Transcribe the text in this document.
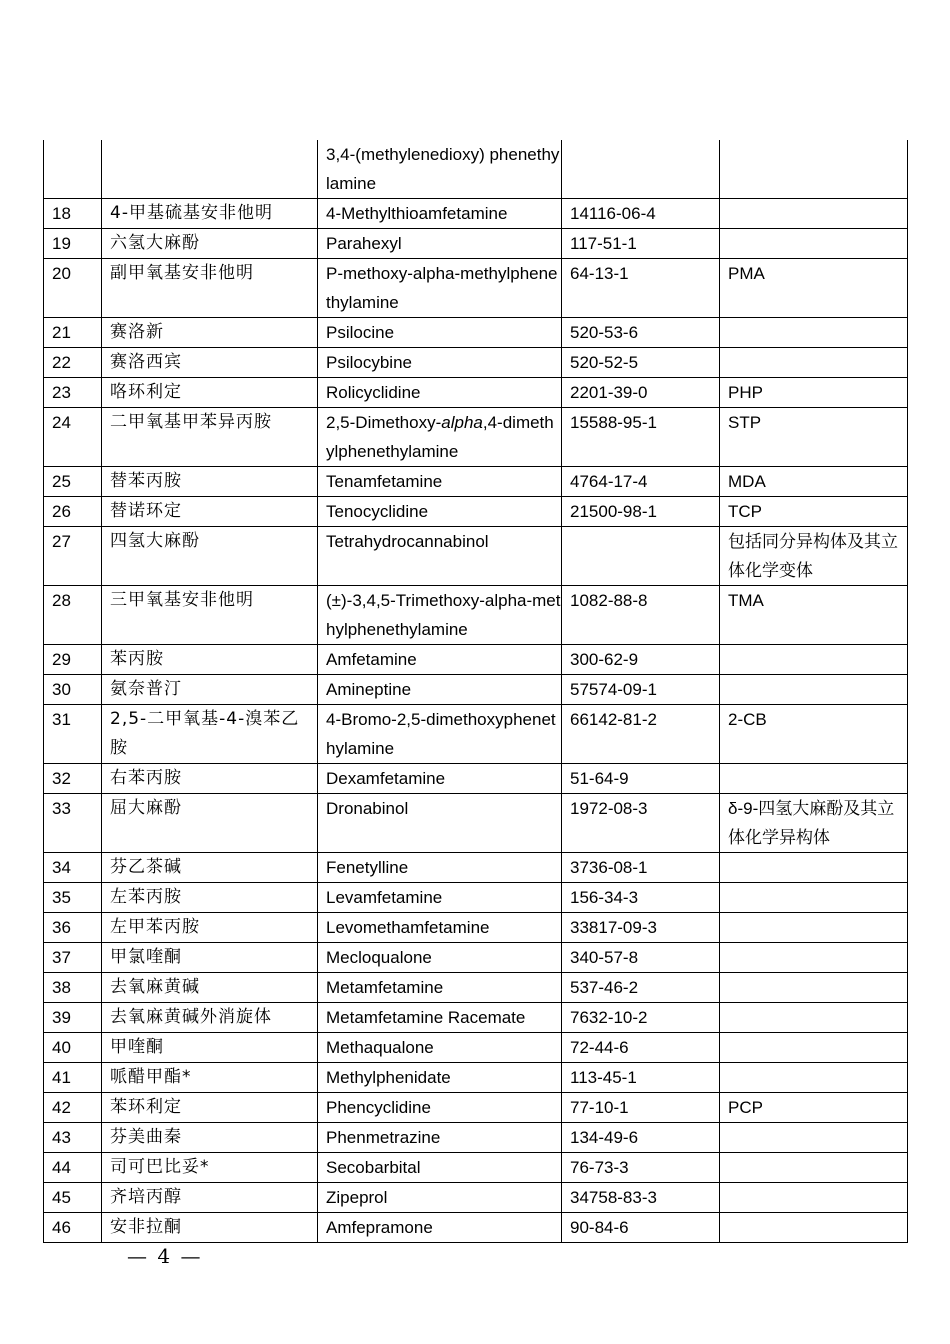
		3,4-(methylenedioxy) phenethylamine		
18	4-甲基硫基安非他明	4-Methylthioamfetamine	14116-06-4	
19	六氢大麻酚	Parahexyl	117-51-1	
20	副甲氧基安非他明	P-methoxy-alpha-methylphenethylamine	64-13-1	PMA
21	赛洛新	Psilocine	520-53-6	
22	赛洛西宾	Psilocybine	520-52-5	
23	咯环利定	Rolicyclidine	2201-39-0	PHP
24	二甲氧基甲苯异丙胺	2,5-Dimethoxy-alpha,4-dimethylphenethylamine	15588-95-1	STP
25	替苯丙胺	Tenamfetamine	4764-17-4	MDA
26	替诺环定	Tenocyclidine	21500-98-1	TCP
27	四氢大麻酚	Tetrahydrocannabinol		包括同分异构体及其立体化学变体
28	三甲氧基安非他明	(±)-3,4,5-Trimethoxy-alpha-methylphenethylamine	1082-88-8	TMA
29	苯丙胺	Amfetamine	300-62-9	
30	氨奈普汀	Amineptine	57574-09-1	
31	2,5-二甲氧基-4-溴苯乙胺	4-Bromo-2,5-dimethoxyphenethylamine	66142-81-2	2-CB
32	右苯丙胺	Dexamfetamine	51-64-9	
33	屈大麻酚	Dronabinol	1972-08-3	δ-9-四氢大麻酚及其立体化学异构体
34	芬乙茶碱	Fenetylline	3736-08-1	
35	左苯丙胺	Levamfetamine	156-34-3	
36	左甲苯丙胺	Levomethamfetamine	33817-09-3	
37	甲氯喹酮	Mecloqualone	340-57-8	
38	去氧麻黄碱	Metamfetamine	537-46-2	
39	去氧麻黄碱外消旋体	Metamfetamine Racemate	7632-10-2	
40	甲喹酮	Methaqualone	72-44-6	
41	哌醋甲酯*	Methylphenidate	113-45-1	
42	苯环利定	Phencyclidine	77-10-1	PCP
43	芬美曲秦	Phenmetrazine	134-49-6	
44	司可巴比妥*	Secobarbital	76-73-3	
45	齐培丙醇	Zipeprol	34758-83-3	
46	安非拉酮	Amfepramone	90-84-6	
— 4 —
